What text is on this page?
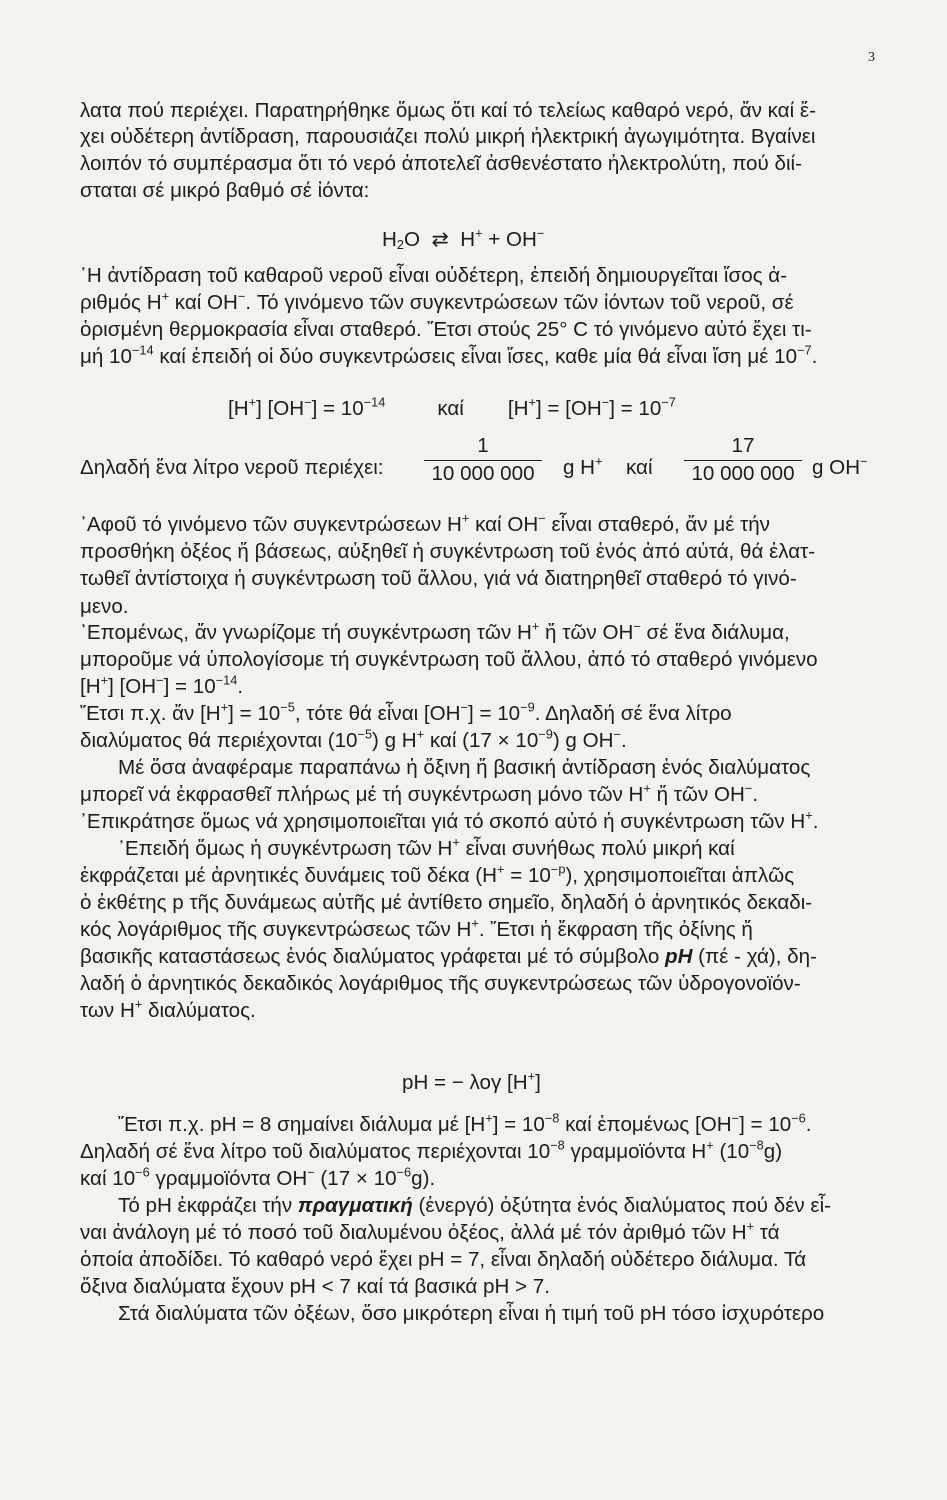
3
λατα πού περιέχει. Παρατηρήθηκε ὅμως ὅτι καί τό τελείως καθαρό νερό, ἄν καί ἔ-
χει οὐδέτερη ἀντίδραση, παρουσιάζει πολύ μικρή ἠλεκτρική ἀγωγιμότητα. Βγαίνει
λοιπόν τό συμπέρασμα ὅτι τό νερό ἀποτελεῖ ἀσθενέστατο ἠλεκτρολύτη, πού διί-
σταται σέ μικρό βαθμό σέ ἰόντα:
$H_2O$ ⇄ H+ + OH−
῾Η ἀντίδραση τοῦ καθαροῦ νεροῦ εἶναι οὐδέτερη, ἐπειδή δημιουργεῖται ἴσος ἀ-
ριθμός H+ καί OH−. Τό γινόμενο τῶν συγκεντρώσεων τῶν ἰόντων τοῦ νεροῦ, σέ
ὁρισμένη θερμοκρασία εἶναι σταθερό. Ἔτσι στούς 25° C τό γινόμενο αὐτό ἔχει τι-
μή $10^{-14}$ καί ἐπειδή οἱ δύο συγκεντρώσεις εἶναι ἴσες, καθε μία θά εἶναι ἴση μέ $10^{-7}$.
[H+] $[OH^-] = 10^{-14}$	καί $[H^+] = [OH^-] = 10^{-7}$
Δηλαδή ἕνα λίτρο νεροῦ περιέχει:
1
10 000 000	g H+ καί
17
10 000 000 g OH−
᾿Αφοῦ τό γινόμενο τῶν συγκεντρώσεων H+ καί OH− εἶναι σταθερό, ἄν μέ τήν
προσθήκη ὀξέος ἤ βάσεως, αὐξηθεῖ ἡ συγκέντρωση τοῦ ἑνός ἀπό αὐτά, θά ἐλατ-
τωθεῖ ἀντίστοιχα ἡ συγκέντρωση τοῦ ἄλλου, γιά νά διατηρηθεῖ σταθερό τό γινό-
μενο.
᾿Επομένως, ἄν γνωρίζομε τή συγκέντρωση τῶν H+ ἤ τῶν OH− σέ ἕνα διάλυμα,
μποροῦμε νά ὑπολογίσομε τή συγκέντρωση τοῦ ἄλλου, ἀπό τό σταθερό γινόμενο
[H+] $[OH^-] = 10^{-14}$.
Ἔτσι π.χ. ἄν $[H^+] = 10^{-5}$, τότε θά εἶναι $[OH^-] = 10^{-9}$. Δηλαδή σέ ἕνα λίτρο
διαλύματος θά περιέχονται $(10^{-5})$ g H+ καί $(17 \times 10^{-9})$ g OH−.
Μέ ὅσα ἀναφέραμε παραπάνω ἡ ὄξινη ἤ βασική ἀντίδραση ἑνός διαλύματος
μπορεῖ νά ἐκφρασθεῖ πλήρως μέ τή συγκέντρωση μόνο τῶν H+ ἤ τῶν OH−.
᾿Επικράτησε ὅμως νά χρησιμοποιεῖται γιά τό σκοπό αὐτό ἡ συγκέντρωση τῶν H+.
᾿Επειδή ὅμως ἡ συγκέντρωση τῶν H+ εἶναι συνήθως πολύ μικρή καί
ἐκφράζεται μέ ἀρνητικές δυνάμεις τοῦ δέκα $(H^+ = 10^{-p})$, χρησιμοποιεῖται ἁπλῶς
ὁ ἐκθέτης p τῆς δυνάμεως αὐτῆς μέ ἀντίθετο σημεῖο, δηλαδή ὁ ἀρνητικός δεκαδι-
κός λογάριθμος τῆς συγκεντρώσεως τῶν H+. Ἔτσι ἡ ἔκφραση τῆς ὀξίνης ἤ
βασικῆς καταστάσεως ἑνός διαλύματος γράφεται μέ τό σύμβολο pH (πέ - χά), δη-
λαδή ὁ ἀρνητικός δεκαδικός λογάριθμος τῆς συγκεντρώσεως τῶν ὑδρογονοϊόν-
των H+ διαλύματος.
pH = − λογ [H+]
Ἔτσι π.χ. pH = 8 σημαίνει διάλυμα μέ $[H^+] = 10^{-8}$ καί ἑπομένως $[OH^-] = 10^{-6}$.
Δηλαδή σέ ἕνα λίτρο τοῦ διαλύματος περιέχονται $10^{-8}$ γραμμοϊόντα H+ $(10^{-8}g)$
καί $10^{-6}$ γραμμοϊόντα OH− $(17 \times 10^{-6}g)$.
Τό pH ἐκφράζει τήν πραγματική (ἐνεργό) ὀξύτητα ἑνός διαλύματος πού δέν εἶ-
ναι ἀνάλογη μέ τό ποσό τοῦ διαλυμένου ὀξέος, ἀλλά μέ τόν ἀριθμό τῶν H+ τά
ὁποία ἀποδίδει. Τό καθαρό νερό ἔχει pH = 7, εἶναι δηλαδή οὐδέτερο διάλυμα. Τά
ὄξινα διαλύματα ἔχουν pH < 7 καί τά βασικά pH > 7.
Στά διαλύματα τῶν ὀξέων, ὅσο μικρότερη εἶναι ἡ τιμή τοῦ pH τόσο ἰσχυρότερο
